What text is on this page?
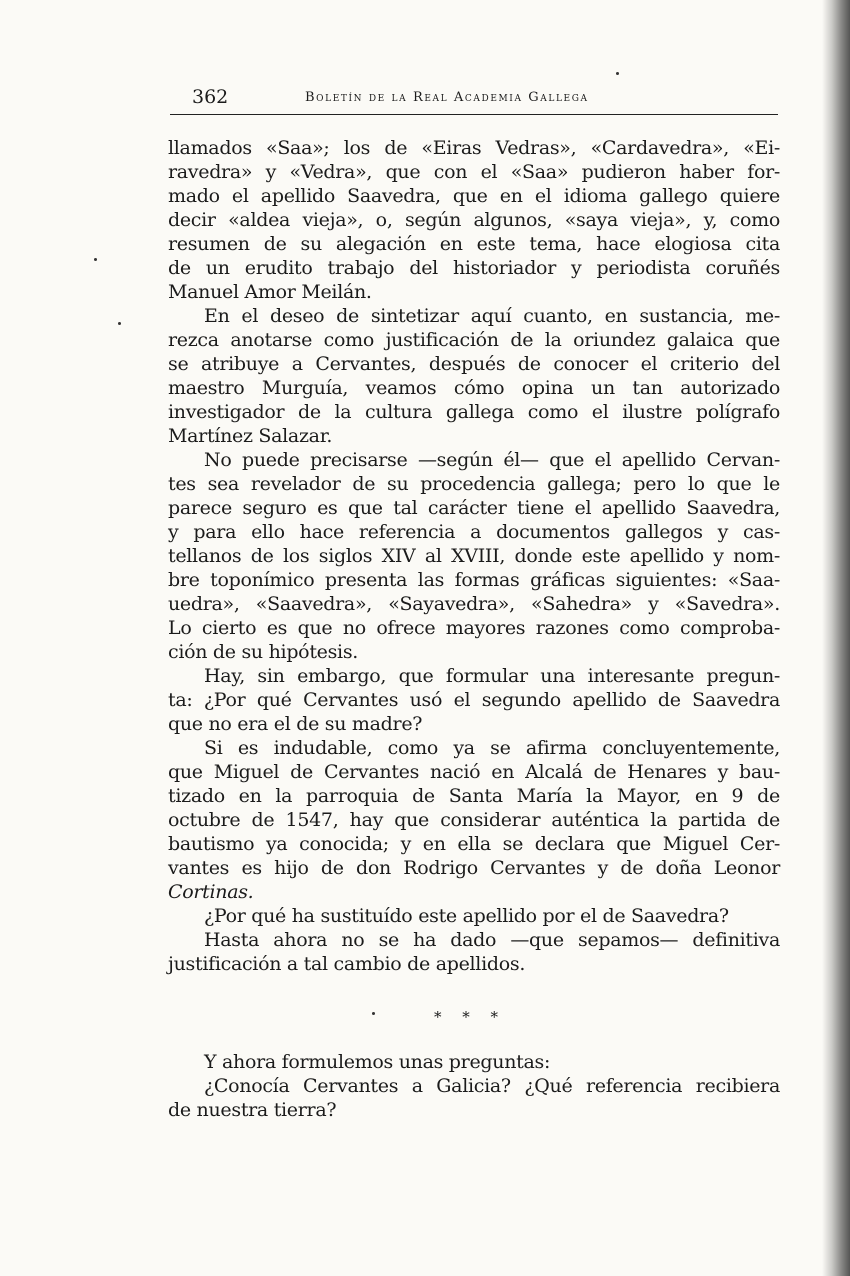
362	Boletín de la Real Academia Gallega
llamados «Saa»; los de «Eiras Vedras», «Cardavedra», «Ei-
ravedra» y «Vedra», que con el «Saa» pudieron haber for-
mado el apellido Saavedra, que en el idioma gallego quiere
decir «aldea vieja», o, según algunos, «saya vieja», y, como
resumen de su alegación en este tema, hace elogiosa cita
de un erudito trabajo del historiador y periodista coruñés
Manuel Amor Meilán.
En el deseo de sintetizar aquí cuanto, en sustancia, me-
rezca anotarse como justificación de la oriundez galaica que
se atribuye a Cervantes, después de conocer el criterio del
maestro Murguía, veamos cómo opina un tan autorizado
investigador de la cultura gallega como el ilustre polígrafo
Martínez Salazar.
No puede precisarse —según él— que el apellido Cervan-
tes sea revelador de su procedencia gallega; pero lo que le
parece seguro es que tal carácter tiene el apellido Saavedra,
y para ello hace referencia a documentos gallegos y cas-
tellanos de los siglos XIV al XVIII, donde este apellido y nom-
bre toponímico presenta las formas gráficas siguientes: «Saa-
uedra», «Saavedra», «Sayavedra», «Sahedra» y «Savedra».
Lo cierto es que no ofrece mayores razones como comproba-
ción de su hipótesis.
Hay, sin embargo, que formular una interesante pregun-
ta: ¿Por qué Cervantes usó el segundo apellido de Saavedra
que no era el de su madre?
Si es indudable, como ya se afirma concluyentemente,
que Miguel de Cervantes nació en Alcalá de Henares y bau-
tizado en la parroquia de Santa María la Mayor, en 9 de
octubre de 1547, hay que considerar auténtica la partida de
bautismo ya conocida; y en ella se declara que Miguel Cer-
vantes es hijo de don Rodrigo Cervantes y de doña Leonor
Cortinas.
¿Por qué ha sustituído este apellido por el de Saavedra?
Hasta ahora no se ha dado —que sepamos— definitiva
justificación a tal cambio de apellidos.
* * *
Y ahora formulemos unas preguntas:
¿Conocía Cervantes a Galicia? ¿Qué referencia recibiera
de nuestra tierra?
